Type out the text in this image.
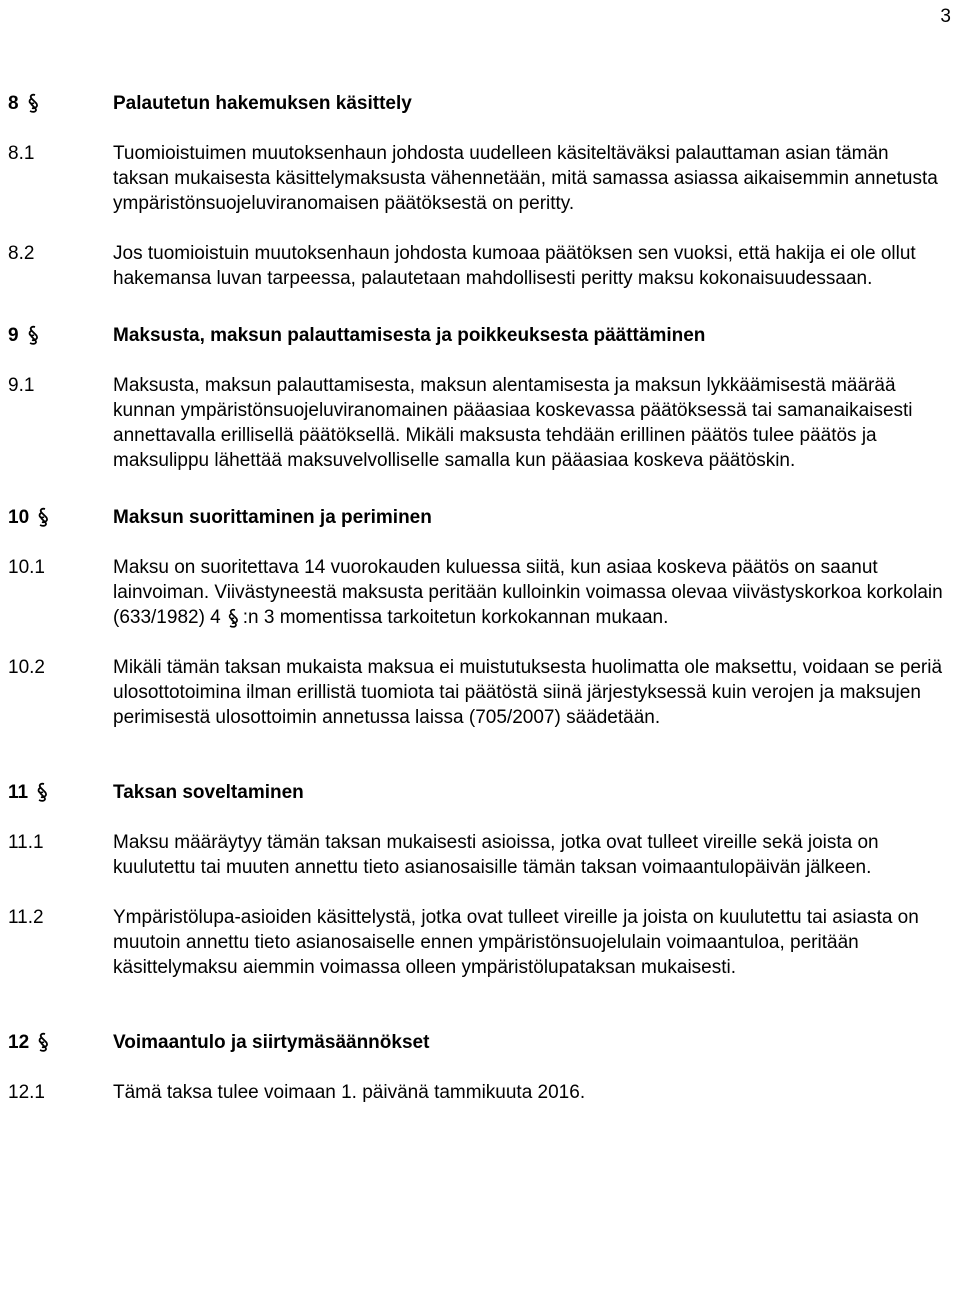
3
8	Palautetun hakemuksen käsittely
8.1	Tuomioistuimen muutoksenhaun johdosta uudelleen käsiteltäväksi palauttaman asian tämän taksan mukaisesta käsittelymaksusta vähennetään, mitä samassa asiassa aikaisemmin annetusta ympäristönsuojeluviranomaisen päätöksestä on peritty.
8.2	Jos tuomioistuin muutoksenhaun johdosta kumoaa päätöksen sen vuoksi, että hakija ei ole ollut hakemansa luvan tarpeessa, palautetaan mahdollisesti peritty maksu kokonaisuudessaan.
9	Maksusta, maksun palauttamisesta ja poikkeuksesta päättäminen
9.1	Maksusta, maksun palauttamisesta, maksun alentamisesta ja maksun lykkäämisestä määrää kunnan ympäristönsuojeluviranomainen pääasiaa koskevassa päätöksessä tai samanaikaisesti annettavalla erillisellä päätöksellä. Mikäli maksusta tehdään erillinen päätös tulee päätös ja maksulippu lähettää maksuvelvolliselle samalla kun pääasiaa koskeva päätöskin.
10	Maksun suorittaminen ja periminen
10.1	Maksu on suoritettava 14 vuorokauden kuluessa siitä, kun asiaa koskeva päätös on saanut lainvoiman. Viivästyneestä maksusta peritään kulloinkin voimassa olevaa viivästyskorkoa korkolain (633/1982) 4 :n 3 momentissa tarkoitetun korkokannan mukaan.
10.2	Mikäli tämän taksan mukaista maksua ei muistutuksesta huolimatta ole maksettu, voidaan se periä ulosottotoimina ilman erillistä tuomiota tai päätöstä siinä järjestyksessä kuin verojen ja maksujen perimisestä ulosottoimin annetussa laissa (705/2007) säädetään.
11	Taksan soveltaminen
11.1	Maksu määräytyy tämän taksan mukaisesti asioissa, jotka ovat tulleet vireille sekä joista on kuulutettu tai muuten annettu tieto asianosaisille tämän taksan voimaantulopäivän jälkeen.
11.2	Ympäristölupa-asioiden käsittelystä, jotka ovat tulleet vireille ja joista on kuulutettu tai asiasta on muutoin annettu tieto asianosaiselle ennen ympäristönsuojelulain voimaantuloa, peritään käsittelymaksu aiemmin voimassa olleen ympäristölupataksan mukaisesti.
12	Voimaantulo ja siirtymäsäännökset
12.1	Tämä taksa tulee voimaan 1. päivänä tammikuuta 2016.
